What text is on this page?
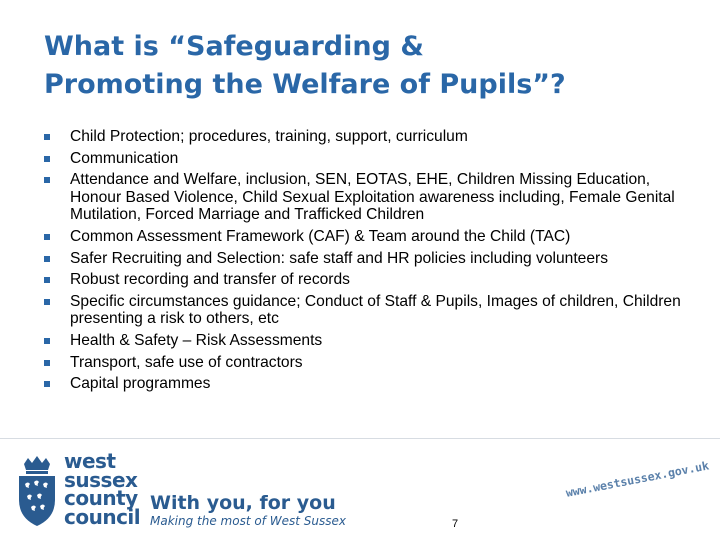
What is “Safeguarding &
Promoting the Welfare of Pupils”?
Child Protection; procedures, training, support, curriculum
Communication
Attendance and Welfare, inclusion, SEN, EOTAS, EHE, Children Missing Education, Honour Based Violence, Child Sexual Exploitation awareness including, Female Genital Mutilation, Forced Marriage and Trafficked Children
Common Assessment Framework (CAF) & Team around the Child (TAC)
Safer Recruiting and Selection: safe staff and HR policies including volunteers
Robust recording and transfer of records
Specific circumstances guidance; Conduct of Staff & Pupils, Images of children, Children presenting a risk to others, etc
Health & Safety – Risk Assessments
Transport, safe use of contractors
Capital programmes
west
sussex
county
council
With you, for you
Making the most of West Sussex	7
www.westsussex.gov.uk
